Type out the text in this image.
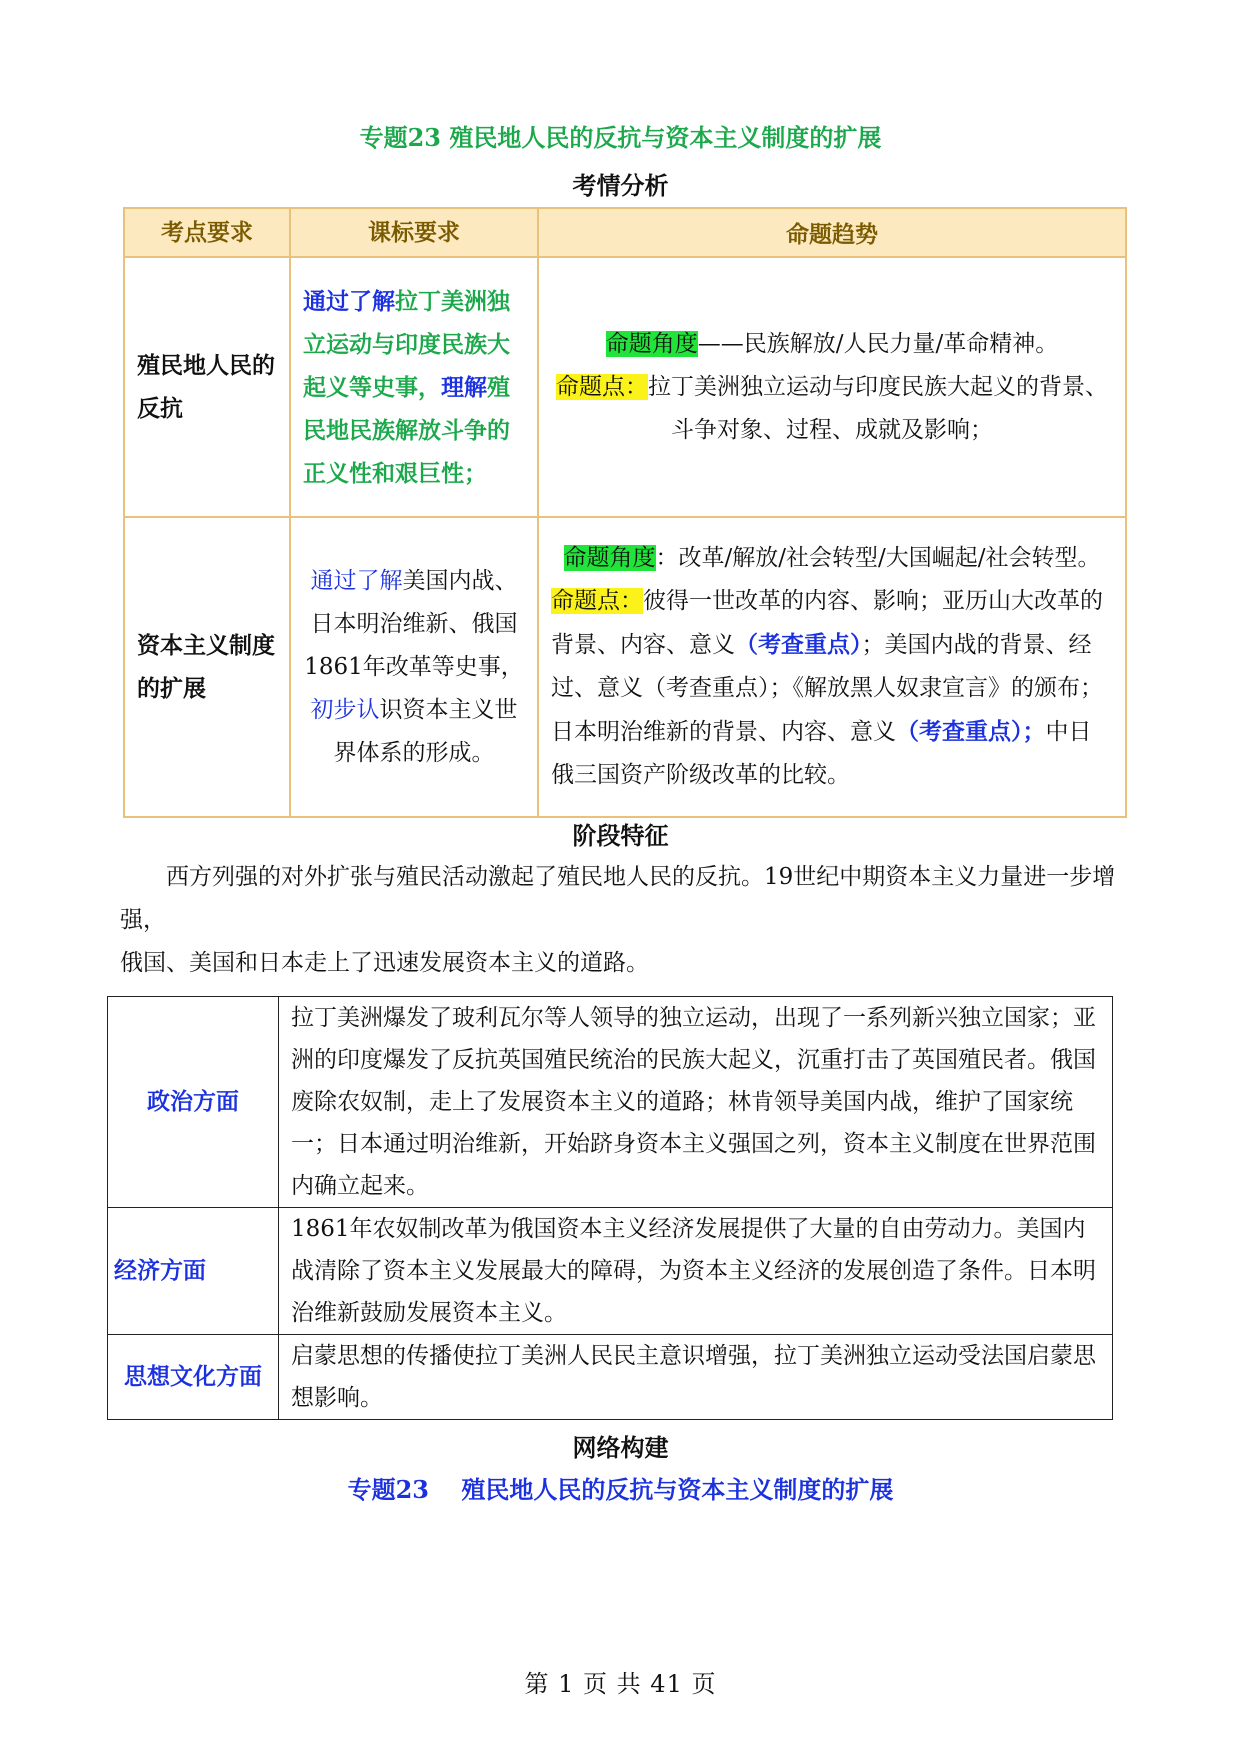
专题23 殖民地人民的反抗与资本主义制度的扩展
考情分析
考点要求	课标要求	命题趋势
殖民地人民的反抗	通过了解拉丁美洲独立运动与印度民族大起义等史事，理解殖民地民族解放斗争的正义性和艰巨性；	命题角度——民族解放/人民力量/革命精神。
命题点：拉丁美洲独立运动与印度民族大起义的背景、斗争对象、过程、成就及影响；

资本主义制度的扩展	通过了解美国内战、日本明治维新、俄国1861年改革等史事，初步认识资本主义世界体系的形成。	命题角度：改革/解放/社会转型/大国崛起/社会转型。
命题点：彼得一世改革的内容、影响；亚历山大改革的背景、内容、意义（考查重点）；美国内战的背景、经过、意义（考查重点）；《解放黑人奴隶宣言》的颁布；日本明治维新的背景、内容、意义（考查重点）；中日俄三国资产阶级改革的比较。
阶段特征
西方列强的对外扩张与殖民活动激起了殖民地人民的反抗。19世纪中期资本主义力量进一步增强，
俄国、美国和日本走上了迅速发展资本主义的道路。
政治方面	拉丁美洲爆发了玻利瓦尔等人领导的独立运动，出现了一系列新兴独立国家；亚洲的印度爆发了反抗英国殖民统治的民族大起义，沉重打击了英国殖民者。俄国废除农奴制，走上了发展资本主义的道路；林肯领导美国内战，维护了国家统一；日本通过明治维新，开始跻身资本主义强国之列，资本主义制度在世界范围内确立起来。
经济方面	1861年农奴制改革为俄国资本主义经济发展提供了大量的自由劳动力。美国内战清除了资本主义发展最大的障碍，为资本主义经济的发展创造了条件。日本明治维新鼓励发展资本主义。
思想文化方面	启蒙思想的传播使拉丁美洲人民民主意识增强，拉丁美洲独立运动受法国启蒙思想影响。
网络构建
专题23　 殖民地人民的反抗与资本主义制度的扩展
第 1 页 共 41 页
